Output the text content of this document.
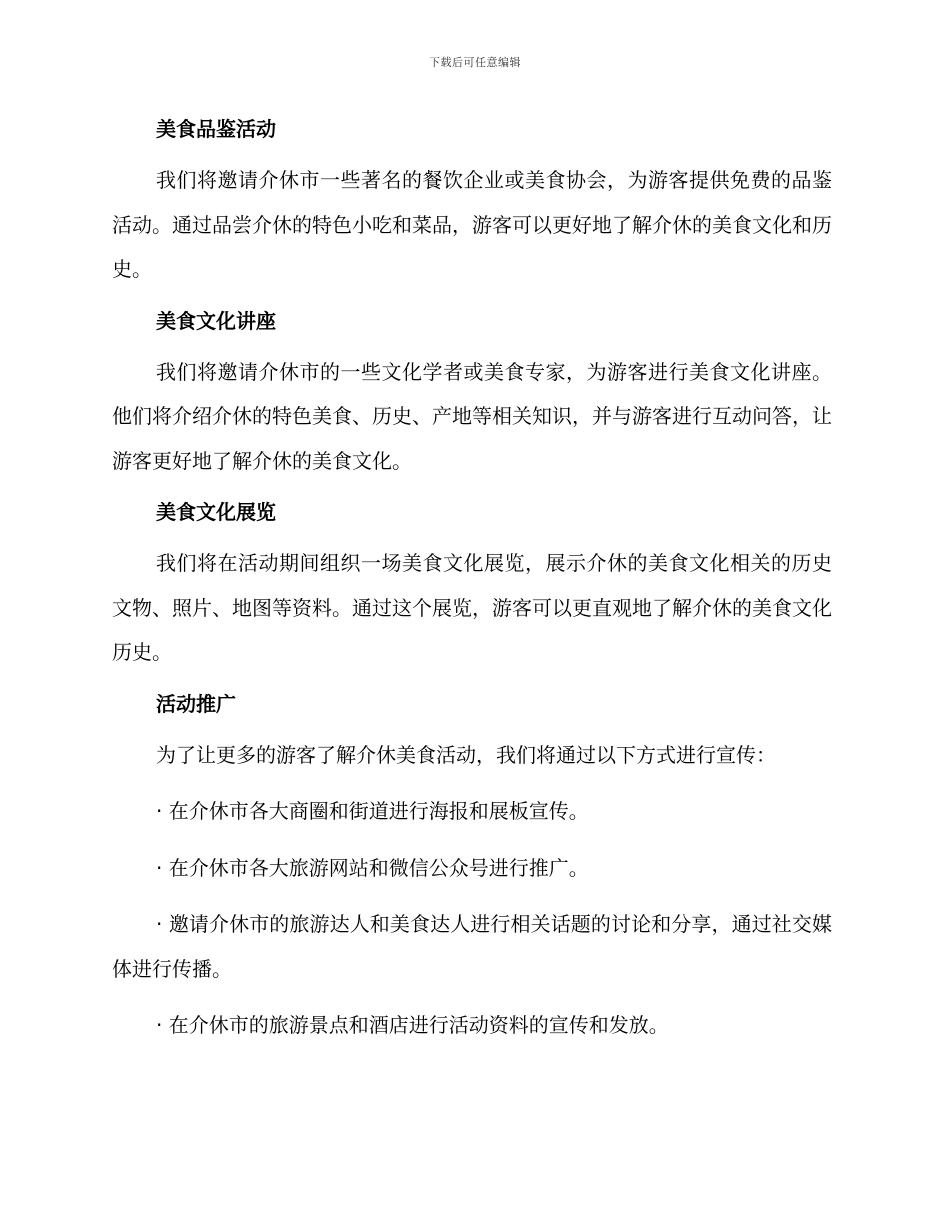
下载后可任意编辑
美食品鉴活动

我们将邀请介休市一些著名的餐饮企业或美食协会，为游客提供免费的品鉴活动。通过品尝介休的特色小吃和菜品，游客可以更好地了解介休的美食文化和历史。

美食文化讲座

我们将邀请介休市的一些文化学者或美食专家，为游客进行美食文化讲座。他们将介绍介休的特色美食、历史、产地等相关知识，并与游客进行互动问答，让游客更好地了解介休的美食文化。

美食文化展览

我们将在活动期间组织一场美食文化展览，展示介休的美食文化相关的历史文物、照片、地图等资料。通过这个展览，游客可以更直观地了解介休的美食文化历史。

活动推广

为了让更多的游客了解介休美食活动，我们将通过以下方式进行宣传：

· 在介休市各大商圈和街道进行海报和展板宣传。

· 在介休市各大旅游网站和微信公众号进行推广。

· 邀请介休市的旅游达人和美食达人进行相关话题的讨论和分享，通过社交媒体进行传播。

· 在介休市的旅游景点和酒店进行活动资料的宣传和发放。
